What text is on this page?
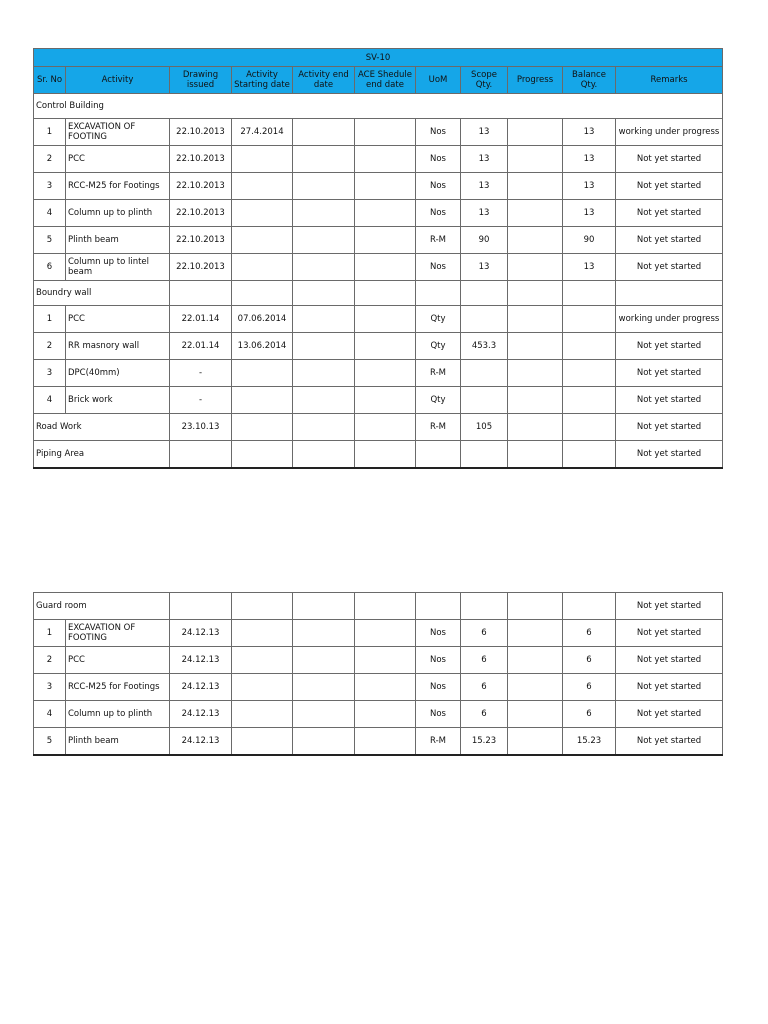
SV-10										
Sr. No	Activity	Drawing issued	Activity Starting date	Activity end date	ACE Shedule end date	UoM	Scope Qty.	Progress	Balance Qty.	Remarks
Control Building										
1	EXCAVATION OF FOOTING	22.10.2013	27.4.2014			Nos	13		13	working under progress
2	PCC	22.10.2013				Nos	13		13	Not yet started
3	RCC-M25 for Footings	22.10.2013				Nos	13		13	Not yet started
4	Column up to plinth	22.10.2013				Nos	13		13	Not yet started
5	Plinth beam	22.10.2013				R-M	90		90	Not yet started
6	Column up to lintel beam	22.10.2013				Nos	13		13	Not yet started
Boundry wall										
1	PCC	22.01.14	07.06.2014			Qty				working under progress
2	RR masnory wall	22.01.14	13.06.2014			Qty	453.3			Not yet started
3	DPC(40mm)	-				R-M				Not yet started
4	Brick work	-				Qty				Not yet started
Road Work		23.10.13				R-M	105			Not yet started
Piping Area										Not yet started
Guard room										Not yet started
1	EXCAVATION OF FOOTING	24.12.13				Nos	6		6	Not yet started
2	PCC	24.12.13				Nos	6		6	Not yet started
3	RCC-M25 for Footings	24.12.13				Nos	6		6	Not yet started
4	Column up to plinth	24.12.13				Nos	6		6	Not yet started
5	Plinth beam	24.12.13				R-M	15.23		15.23	Not yet started
